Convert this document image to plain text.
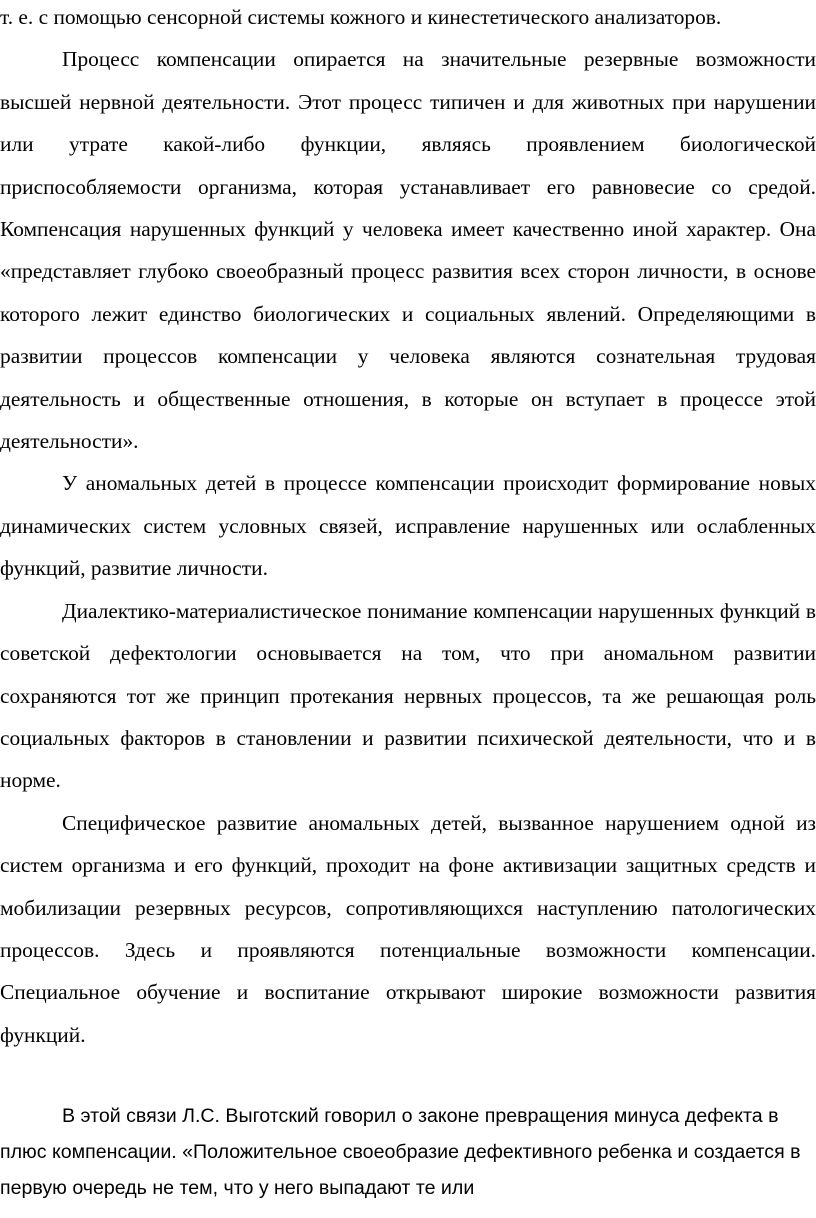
т. е. с помощью сенсорной системы кожного и кинестетического анализаторов.

Процесс компенсации опирается на значительные резервные возможности высшей нервной деятельности. Этот процесс типичен и для животных при нарушении или утрате какой-либо функции, являясь проявлением биологической приспособляемости организма, которая устанавливает его равновесие со средой. Компенсация нарушенных функций у человека имеет качественно иной характер. Она «представляет глубоко своеобразный процесс развития всех сторон личности, в основе которого лежит единство биологических и социальных явлений. Определяющими в развитии процессов компенсации у человека являются сознательная трудовая деятельность и общественные отношения, в которые он вступает в процессе этой деятельности».

У аномальных детей в процессе компенсации происходит формирование новых динамических систем условных связей, исправление нарушенных или ослабленных функций, развитие личности.

Диалектико-материалистическое понимание компенсации нарушенных функций в советской дефектологии основывается на том, что при аномальном развитии сохраняются тот же принцип протекания нервных процессов, та же решающая роль социальных факторов в становлении и развитии психической деятельности, что и в норме.

Специфическое развитие аномальных детей, вызванное нарушением одной из систем организма и его функций, проходит на фоне активизации защитных средств и мобилизации резервных ресурсов, сопротивляющихся наступлению патологических процессов. Здесь и проявляются потенциальные возможности компенсации. Специальное обучение и воспитание открывают широкие возможности развития функций.

В этой связи Л.С. Выготский говорил о законе превращения минуса дефекта в плюс компенсации. «Положительное своеобразие дефективного ребенка и создается в первую очередь не тем, что у него выпадают те или
